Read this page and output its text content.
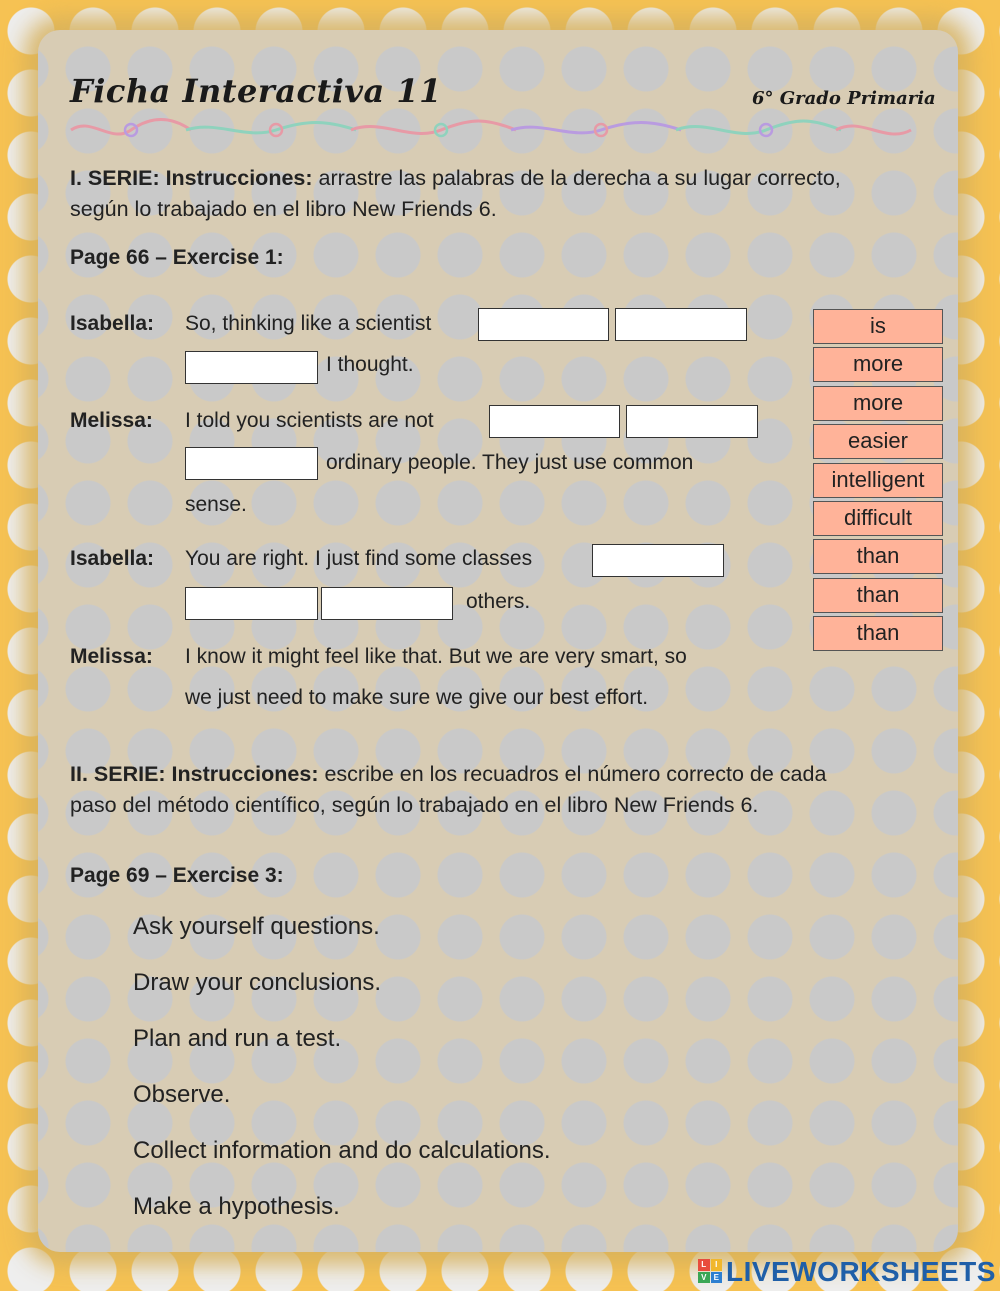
Ficha Interactiva 11	6° Grado Primaria
I. SERIE: Instrucciones: arrastre las palabras de la derecha a su lugar correcto,
según lo trabajado en el libro New Friends 6.
Page 66 – Exercise 1:
Isabella: So, thinking like a scientist
I thought.
Melissa: I told you scientists are not
ordinary people. They just use common
sense.
Isabella: You are right. I just find some classes
others.
Melissa: I know it might feel like that. But we are very smart, so
we just need to make sure we give our best effort.
is
more
more
easier
intelligent
difficult
than
than
than
II. SERIE: Instrucciones: escribe en los recuadros el número correcto de cada
paso del método científico, según lo trabajado en el libro New Friends 6.
Page 69 – Exercise 3:
Ask yourself questions.
Draw your conclusions.
Plan and run a test.
Observe.
Collect information and do calculations.
Make a hypothesis.
L	I
V E LIVEWORKSHEETS
